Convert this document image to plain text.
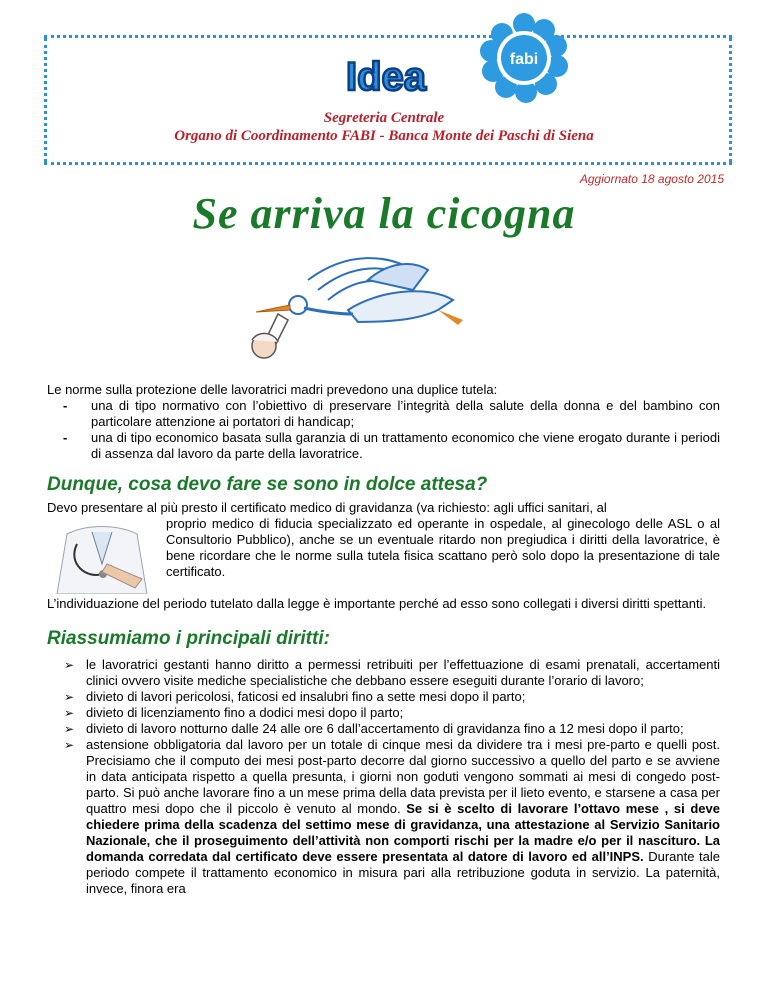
Idea	fabi
Segreteria Centrale
Organo di Coordinamento FABI - Banca Monte dei Paschi di Siena
Aggiornato 18 agosto 2015
Se arriva la cicogna

Le norme sulla protezione delle lavoratrici madri prevedono una duplice tutela:

- una di tipo normativo con l’obiettivo di preservare l’integrità della salute della donna e del bambino con particolare attenzione ai portatori di handicap;
- una di tipo economico basata sulla garanzia di un trattamento economico che viene erogato durante i periodi di assenza dal lavoro da parte della lavoratrice.
Dunque, cosa devo fare se sono in dolce attesa?
Devo presentare al più presto il certificato medico di gravidanza (va richiesto: agli uffici sanitari, al
proprio medico di fiducia specializzato ed operante in ospedale, al ginecologo delle ASL o al Consultorio Pubblico), anche se un eventuale ritardo non pregiudica i diritti della lavoratrice, è bene ricordare che le norme sulla tutela fisica scattano però solo dopo la presentazione di tale certificato.
L’individuazione del periodo tutelato dalla legge è importante perché ad esso sono collegati i diversi diritti spettanti.
Riassumiamo i principali diritti:
➢ le lavoratrici gestanti hanno diritto a permessi retribuiti per l’effettuazione di esami prenatali, accertamenti clinici ovvero visite mediche specialistiche che debbano essere eseguiti durante l’orario di lavoro;
➢ divieto di lavori pericolosi, faticosi ed insalubri fino a sette mesi dopo il parto;
➢ divieto di licenziamento fino a dodici mesi dopo il parto;
➢ divieto di lavoro notturno dalle 24 alle ore 6 dall’accertamento di gravidanza fino a 12 mesi dopo il parto;
➢ astensione obbligatoria dal lavoro per un totale di cinque mesi da dividere tra i mesi pre-parto e quelli post. Precisiamo che il computo dei mesi post-parto decorre dal giorno successivo a quello del parto e se avviene in data anticipata rispetto a quella presunta, i giorni non goduti vengono sommati ai mesi di congedo post-parto. Si può anche lavorare fino a un mese prima della data prevista per il lieto evento, e starsene a casa per quattro mesi dopo che il piccolo è venuto al mondo. Se si è scelto di lavorare l’ottavo mese , si deve chiedere prima della scadenza del settimo mese di gravidanza, una attestazione al Servizio Sanitario Nazionale, che il proseguimento dell’attività non comporti rischi per la madre e/o per il nascituro. La domanda corredata dal certificato deve essere presentata al datore di lavoro ed all’INPS. Durante tale periodo compete il trattamento economico in misura pari alla retribuzione goduta in servizio. La paternità, invece, finora era
